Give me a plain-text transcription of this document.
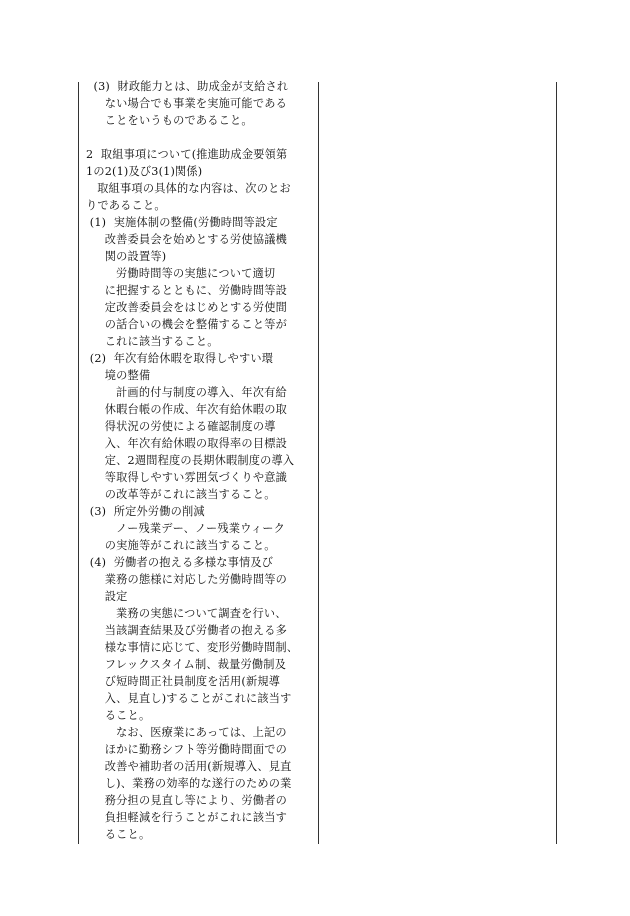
(3)  財政能力とは、助成金が支給され
ない場合でも事業を実施可能である
ことをいうものであること。
2  取組事項について(推進助成金要領第
1の2(1)及び3(1)関係)
取組事項の具体的な内容は、次のとお
りであること。
(1)  実施体制の整備(労働時間等設定
改善委員会を始めとする労使協議機
関の設置等)
労働時間等の実態について適切
に把握するとともに、労働時間等設
定改善委員会をはじめとする労使間
の話合いの機会を整備すること等が
これに該当すること。
(2)  年次有給休暇を取得しやすい環
境の整備
計画的付与制度の導入、年次有給
休暇台帳の作成、年次有給休暇の取
得状況の労使による確認制度の導
入、年次有給休暇の取得率の目標設
定、2週間程度の長期休暇制度の導入
等取得しやすい雰囲気づくりや意識
の改革等がこれに該当すること。
(3)  所定外労働の削減
ノー残業デー、ノー残業ウィーク
の実施等がこれに該当すること。
(4)  労働者の抱える多様な事情及び
業務の態様に対応した労働時間等の
設定
業務の実態について調査を行い、
当該調査結果及び労働者の抱える多
様な事情に応じて、変形労働時間制、
フレックスタイム制、裁量労働制及
び短時間正社員制度を活用(新規導
入、見直し)することがこれに該当す
ること。
なお、医療業にあっては、上記の
ほかに勤務シフト等労働時間面での
改善や補助者の活用(新規導入、見直
し)、業務の効率的な遂行のための業
務分担の見直し等により、労働者の
負担軽減を行うことがこれに該当す
ること。
